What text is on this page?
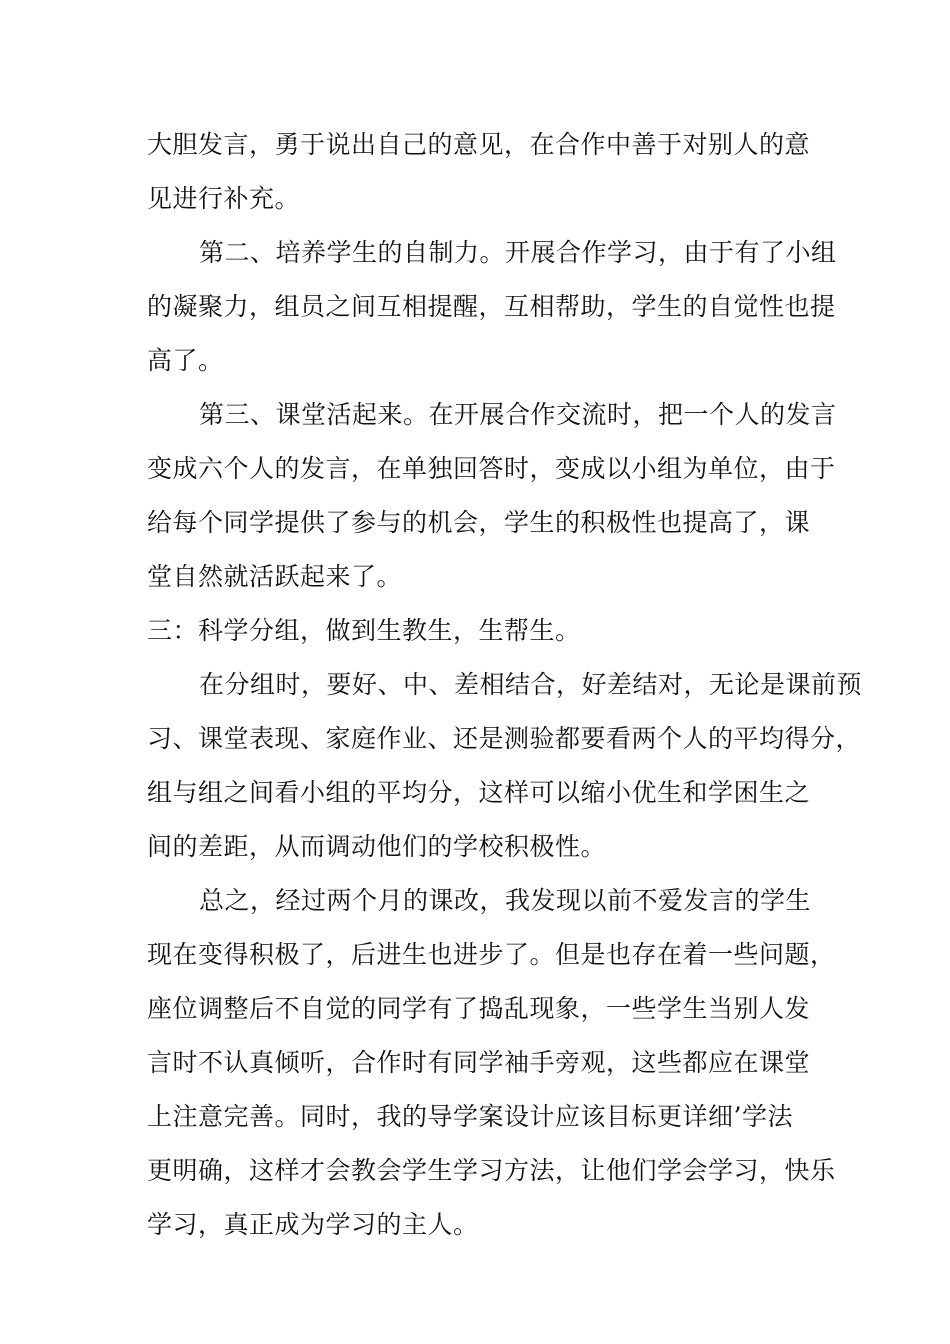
大胆发言，勇于说出自己的意见，在合作中善于对别人的意
见进行补充。
第二、培养学生的自制力。开展合作学习，由于有了小组
的凝聚力，组员之间互相提醒，互相帮助，学生的自觉性也提
高了。
第三、课堂活起来。在开展合作交流时，把一个人的发言
变成六个人的发言，在单独回答时，变成以小组为单位，由于
给每个同学提供了参与的机会，学生的积极性也提高了，课
堂自然就活跃起来了。
三：科学分组，做到生教生，生帮生。
在分组时，要好、中、差相结合，好差结对，无论是课前预
习、课堂表现、家庭作业、还是测验都要看两个人的平均得分，
组与组之间看小组的平均分，这样可以缩小优生和学困生之
间的差距，从而调动他们的学校积极性。
总之，经过两个月的课改，我发现以前不爱发言的学生
现在变得积极了，后进生也进步了。但是也存在着一些问题，
座位调整后不自觉的同学有了捣乱现象，一些学生当别人发
言时不认真倾听，合作时有同学袖手旁观，这些都应在课堂
上注意完善。同时，我的导学案设计应该目标更详细’学法
更明确，这样才会教会学生学习方法，让他们学会学习，快乐
学习，真正成为学习的主人。
